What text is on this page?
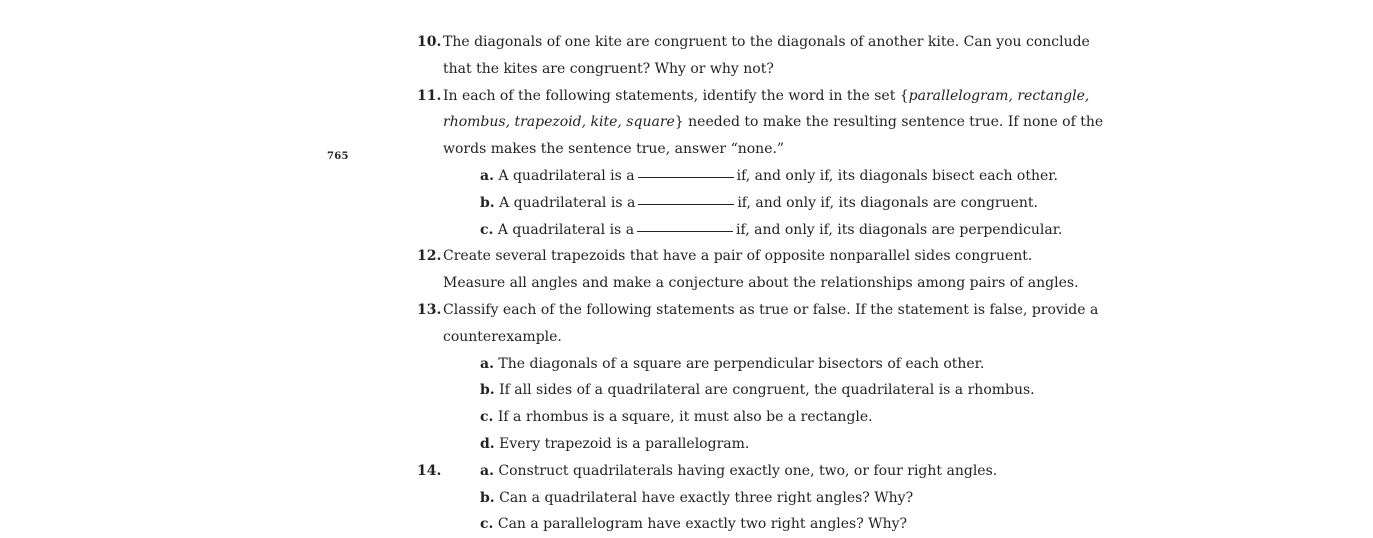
765
10. The diagonals of one kite are congruent to the diagonals of another kite. Can you conclude
that the kites are congruent? Why or why not?
11. In each of the following statements, identify the word in the set {parallelogram, rectangle,
rhombus, trapezoid, kite, square} needed to make the resulting sentence true. If none of the
words makes the sentence true, answer “none.”
a. A quadrilateral is a	if, and only if, its diagonals bisect each other.
b. A quadrilateral is a	if, and only if, its diagonals are congruent.
c. A quadrilateral is a	if, and only if, its diagonals are perpendicular.
12. Create several trapezoids that have a pair of opposite nonparallel sides congruent.
Measure all angles and make a conjecture about the relationships among pairs of angles.
13. Classify each of the following statements as true or false. If the statement is false, provide a
counterexample.
a. The diagonals of a square are perpendicular bisectors of each other.
b. If all sides of a quadrilateral are congruent, the quadrilateral is a rhombus.
c. If a rhombus is a square, it must also be a rectangle.
d. Every trapezoid is a parallelogram.
14.	a. Construct quadrilaterals having exactly one, two, or four right angles.
b. Can a quadrilateral have exactly three right angles? Why?
c. Can a parallelogram have exactly two right angles? Why?
